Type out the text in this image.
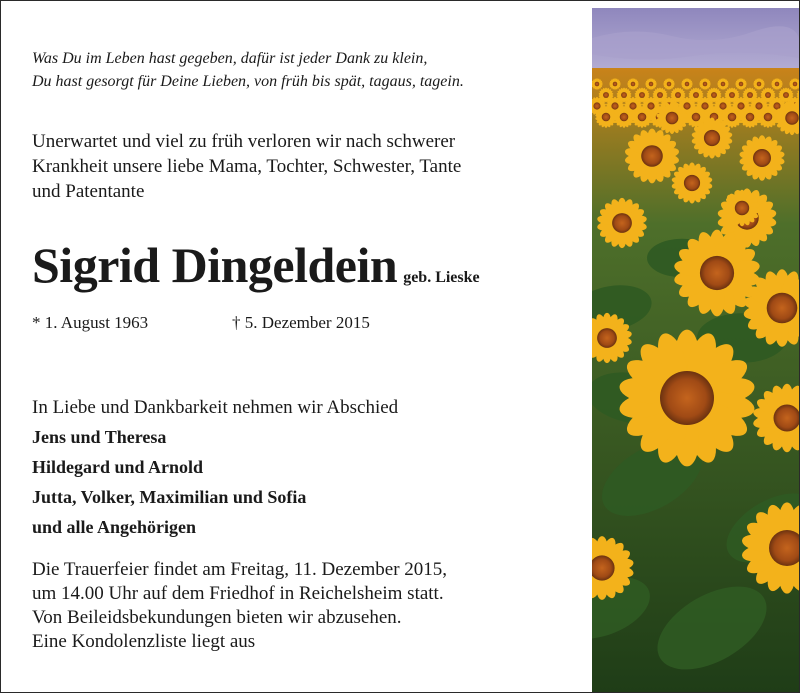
Was Du im Leben hast gegeben, dafür ist jeder Dank zu klein,
Du hast gesorgt für Deine Lieben, von früh bis spät, tagaus, tagein.
Unerwartet und viel zu früh verloren wir nach schwerer
Krankheit unsere liebe Mama, Tochter, Schwester, Tante
und Patentante
Sigrid Dingeldein geb. Lieske
* 1. August 1963	† 5. Dezember 2015
In Liebe und Dankbarkeit nehmen wir Abschied
Jens und Theresa
Hildegard und Arnold
Jutta, Volker, Maximilian und Sofia
und alle Angehörigen
Die Trauerfeier findet am Freitag, 11. Dezember 2015,
um 14.00 Uhr auf dem Friedhof in Reichelsheim statt.
Von Beileidsbekundungen bieten wir abzusehen.
Eine Kondolenzliste liegt aus
